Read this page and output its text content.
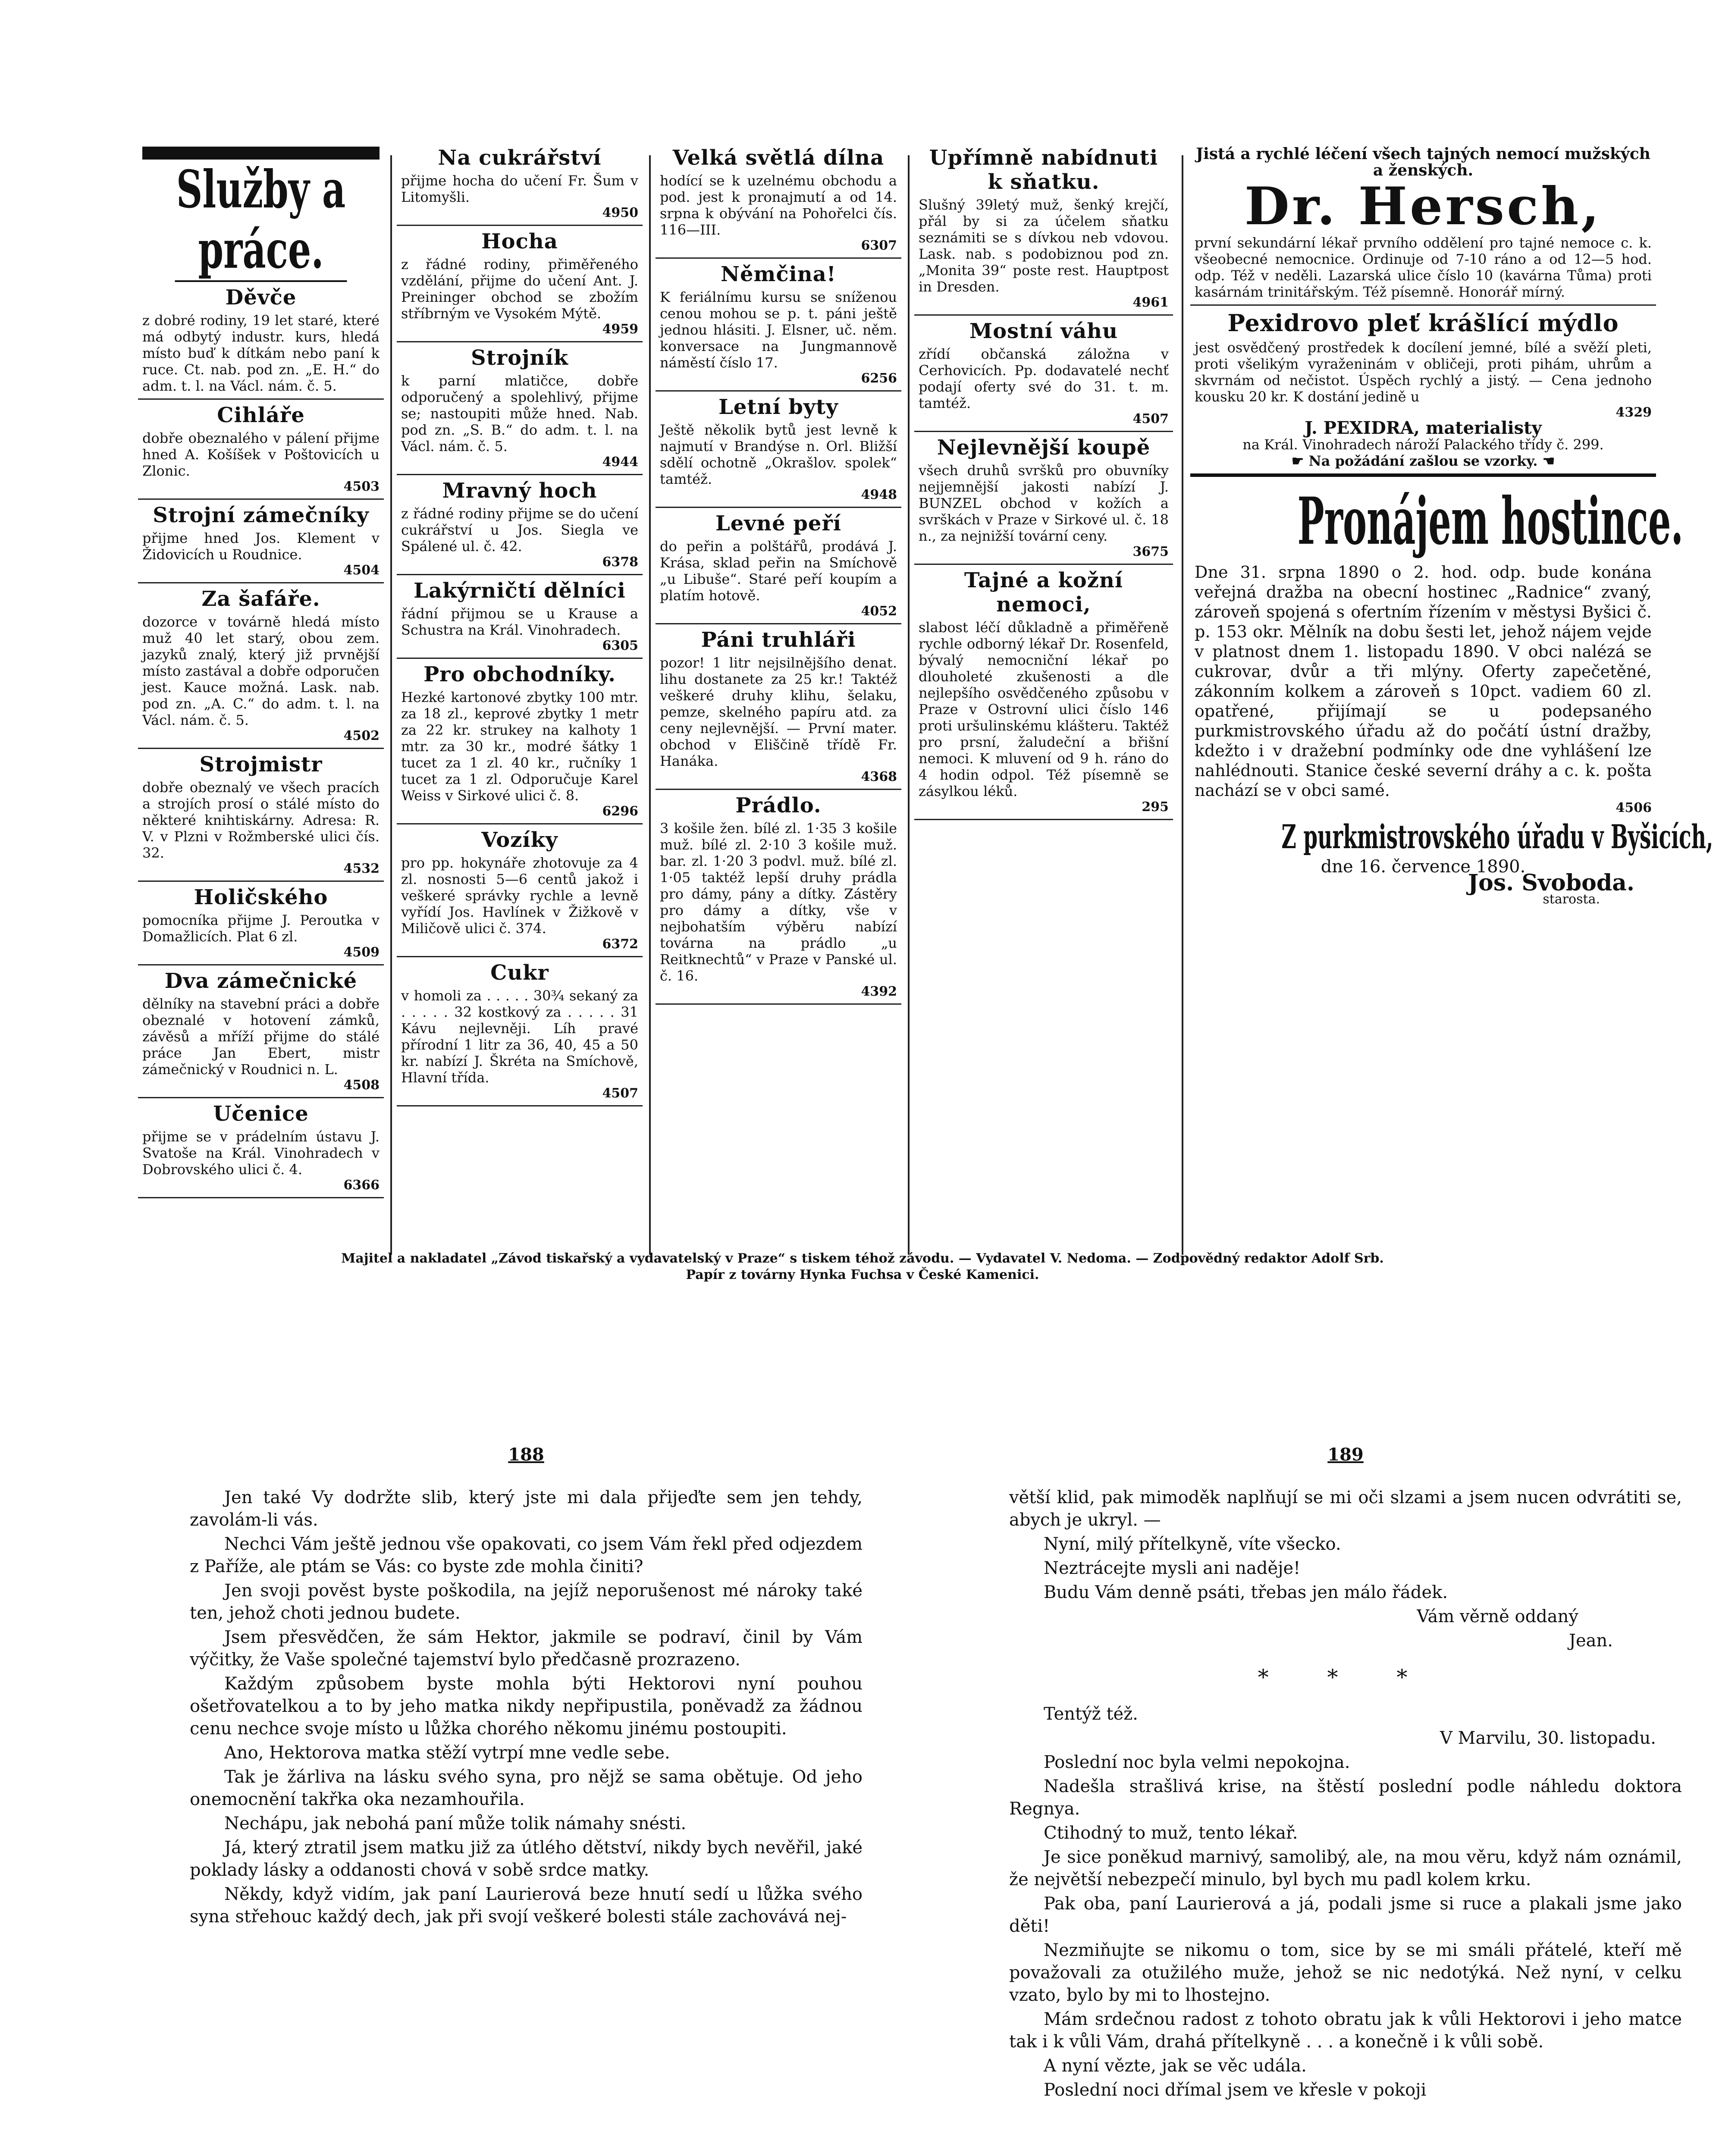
Služby a práce.
Děvče

z dobré rodiny, 19 let staré, které má odbytý industr. kurs, hledá místo buď k dítkám nebo paní k ruce. Ct. nab. pod zn. „E. H.“ do adm. t. l. na Václ. nám. č. 5.

Cihláře

dobře obeznalého v pálení přijme hned A. Košíšek v Poštovicích u Zlonic.

4503
Strojní zámečníky

přijme hned Jos. Klement v Židovicích u Roudnice.

4504
Za šafáře.

dozorce v továrně hledá místo muž 40 let starý, obou zem. jazyků znalý, který již prvnější místo zastával a dobře odporučen jest. Kauce možná. Lask. nab. pod zn. „A. C.“ do adm. t. l. na Václ. nám. č. 5.

4502
Strojmistr

dobře obeznalý ve všech pracích a strojích prosí o stálé místo do některé knihtiskárny. Adresa: R. V. v Plzni v Rožmberské ulici čís. 32.

4532
Holičského

pomocníka přijme J. Peroutka v Domažlicích. Plat 6 zl.

4509
Dva zámečnické

dělníky na stavební práci a dobře obeznalé v hotovení zámků, závěsů a mříží přijme do stálé práce Jan Ebert, mistr zámečnický v Roudnici n. L.

4508
Učenice

přijme se v prádelním ústavu J. Svatoše na Král. Vinohradech v Dobrovského ulici č. 4.

6366
Na cukrářství

přijme hocha do učení Fr. Šum v Litomyšli.

4950
Hocha

z řádné rodiny, přiměřeného vzdělání, přijme do učení Ant. J. Preininger obchod se zbožím stříbrným ve Vysokém Mýtě.

4959
Strojník

k parní mlatičce, dobře odporučený a spolehlivý, přijme se; nastoupiti může hned. Nab. pod zn. „S. B.“ do adm. t. l. na Václ. nám. č. 5.

4944
Mravný hoch

z řádné rodiny přijme se do učení cukrářství u Jos. Siegla ve Spálené ul. č. 42.

6378
Lakýrničtí dělníci

řádní přijmou se u Krause a Schustra na Král. Vinohradech.

6305
Pro obchodníky.

Hezké kartonové zbytky 100 mtr. za 18 zl., keprové zbytky 1 metr za 22 kr. strukey na kalhoty 1 mtr. za 30 kr., modré šátky 1 tucet za 1 zl. 40 kr., ručníky 1 tucet za 1 zl. Odporučuje Karel Weiss v Sirkové ulici č. 8.

6296
Vozíky

pro pp. hokynáře zhotovuje za 4 zl. nosnosti 5—6 centů jakož i veškeré správky rychle a levně vyřídí Jos. Havlínek v Žižkově v Miličově ulici č. 374.

6372
Cukr

v homoli za . . . . . 30¾ sekaný za . . . . . 32 kostkový za . . . . . 31 Kávu nejlevněji. Líh pravé přírodní 1 litr za 36, 40, 45 a 50 kr. nabízí J. Škréta na Smíchově, Hlavní třída.

4507
Velká světlá dílna

hodící se k uzelnému obchodu a pod. jest k pronajmutí a od 14. srpna k obývání na Pohořelci čís. 116—III.

6307
Němčina!

K feriálnímu kursu se sníženou cenou mohou se p. t. páni ještě jednou hlásiti. J. Elsner, uč. něm. konversace na Jungmannově náměstí číslo 17.

6256
Letní byty

Ještě několik bytů jest levně k najmutí v Brandýse n. Orl. Bližší sdělí ochotně „Okrašlov. spolek“ tamtéž.

4948
Levné peří

do peřin a polštářů, prodává J. Krása, sklad peřin na Smíchově „u Libuše“. Staré peří koupím a platím hotově.

4052
Páni truhláři

pozor! 1 litr nejsilnějšího denat. lihu dostanete za 25 kr.! Taktéž veškeré druhy klihu, šelaku, pemze, skelného papíru atd. za ceny nejlevnější. — První mater. obchod v Eliščině třídě Fr. Hanáka.

4368
Prádlo.

3 košile žen. bílé zl. 1·35 3 košile muž. bílé zl. 2·10 3 košile muž. bar. zl. 1·20 3 podvl. muž. bílé zl. 1·05 taktéž lepší druhy prádla pro dámy, pány a dítky. Zástěry pro dámy a dítky, vše v nejbohatším výběru nabízí továrna na prádlo „u Reitknechtů“ v Praze v Panské ul. č. 16.

4392
Upřímně nabídnuti k sňatku.

Slušný 39letý muž, šenký krejčí, přál by si za účelem sňatku seznámiti se s dívkou neb vdovou. Lask. nab. s podobiznou pod zn. „Monita 39“ poste rest. Hauptpost in Dresden.

4961
Mostní váhu

zřídí občanská záložna v Cerhovicích. Pp. dodavatelé nechť podají oferty své do 31. t. m. tamtéž.

4507
Nejlevnější koupě

všech druhů svršků pro obuvníky nejjemnější jakosti nabízí J. BUNZEL obchod v kožích a svrškách v Praze v Sirkové ul. č. 18 n., za nejnižší tovární ceny.

3675
Tajné a kožní nemoci,

slabost léčí důkladně a přiměřeně rychle odborný lékař Dr. Rosenfeld, bývalý nemocniční lékař po dlouholeté zkušenosti a dle nejlepšího osvědčeného způsobu v Praze v Ostrovní ulici číslo 146 proti uršulinskému klášteru. Taktéž pro prsní, žaludeční a břišní nemoci. K mluvení od 9 h. ráno do 4 hodin odpol. Též písemně se zásylkou léků.

295

Jistá a rychlé léčení všech tajných nemocí mužských a ženských.

Dr. Hersch,

první sekundární lékař prvního oddělení pro tajné nemoce c. k. všeobecné nemocnice. Ordinuje od 7-10 ráno a od 12—5 hod. odp. Též v neděli. Lazarská ulice číslo 10 (kavárna Tůma) proti kasárnám trinitářským. Též písemně. Honorář mírný.

Pexidrovo pleť krášlící mýdlo

jest osvědčený prostředek k docílení jemné, bílé a svěží pleti, proti všelikým vyraženinám v obličeji, proti pihám, uhrům a skvrnám od nečistot. Úspěch rychlý a jistý. — Cena jednoho kousku 20 kr. K dostání jedině u

4329

J. PEXIDRA, materialisty

na Král. Vinohradech nároží Palackého třídy č. 299.

☛ Na požádání zašlou se vzorky. ☚

Pronájem hostince.

Dne 31. srpna 1890 o 2. hod. odp. bude konána veřejná dražba na obecní hostinec „Radnice“ zvaný, zároveň spojená s ofertním řízením v městysi Byšici č. p. 153 okr. Mělník na dobu šesti let, jehož nájem vejde v platnost dnem 1. listopadu 1890. V obci nalézá se cukrovar, dvůr a tři mlýny. Oferty zapečetěné, zákonním kolkem a zároveň s 10pct. vadiem 60 zl. opatřené, přijímají se u podepsaného purkmistrovského úřadu až do počátí ústní dražby, kdežto i v dražební podmínky ode dne vyhlášení lze nahlédnouti. Stanice české severní dráhy a c. k. pošta nachází se v obci samé.

4506
Z purkmistrovského úřadu v Byšicích,

dne 16. července 1890.

Jos. Svoboda.

starosta.

Majitel a nakladatel „Závod tiskařský a vydavatelský v Praze“ s tiskem téhož závodu. — Vydavatel V. Nedoma. — Zodpovědný redaktor Adolf Srb.
Papír z továrny Hynka Fuchsa v České Kamenici.
188

Jen také Vy dodržte slib, který jste mi dala přijeďte sem jen tehdy, zavolám-li vás.

Nechci Vám ještě jednou vše opakovati, co jsem Vám řekl před odjezdem z Paříže, ale ptám se Vás: co byste zde mohla činiti?

Jen svoji pověst byste poškodila, na jejíž neporušenost mé nároky také ten, jehož choti jednou budete.

Jsem přesvědčen, že sám Hektor, jakmile se podraví, činil by Vám výčitky, že Vaše společné tajemství bylo předčasně prozrazeno.

Každým způsobem byste mohla býti Hektorovi nyní pouhou ošetřovatelkou a to by jeho matka nikdy nepřipustila, poněvadž za žádnou cenu nechce svoje místo u lůžka chorého někomu jinému postoupiti.

Ano, Hektorova matka stěží vytrpí mne vedle sebe.

Tak je žárliva na lásku svého syna, pro nějž se sama obětuje. Od jeho onemocnění takřka oka nezamhouřila.

Nechápu, jak nebohá paní může tolik námahy snésti.

Já, který ztratil jsem matku již za útlého dětství, nikdy bych nevěřil, jaké poklady lásky a oddanosti chová v sobě srdce matky.

Někdy, když vidím, jak paní Laurierová beze hnutí sedí u lůžka svého syna střehouc každý dech, jak při svojí veškeré bolesti stále zachovává nej-

189

větší klid, pak mimoděk naplňují se mi oči slzami a jsem nucen odvrátiti se, abych je ukryl. —

Nyní, milý přítelkyně, víte všecko.

Neztrácejte mysli ani naděje!

Budu Vám denně psáti, třebas jen málo řádek.

Vám věrně oddaný

Jean.

* * *

Tentýž též.

V Marvilu, 30. listopadu.

Poslední noc byla velmi nepokojna.

Nadešla strašlivá krise, na štěstí poslední podle náhledu doktora Regnya.

Ctihodný to muž, tento lékař.

Je sice poněkud marnivý, samolibý, ale, na mou věru, když nám oznámil, že největší nebezpečí minulo, byl bych mu padl kolem krku.

Pak oba, paní Laurierová a já, podali jsme si ruce a plakali jsme jako děti!

Nezmiňujte se nikomu o tom, sice by se mi smáli přátelé, kteří mě považovali za otužilého muže, jehož se nic nedotýká. Než nyní, v celku vzato, bylo by mi to lhostejno.

Mám srdečnou radost z tohoto obratu jak k vůli Hektorovi i jeho matce tak i k vůli Vám, drahá přítelkyně . . . a konečně i k vůli sobě.

A nyní vězte, jak se věc udála.

Poslední noci dřímal jsem ve křesle v pokoji
